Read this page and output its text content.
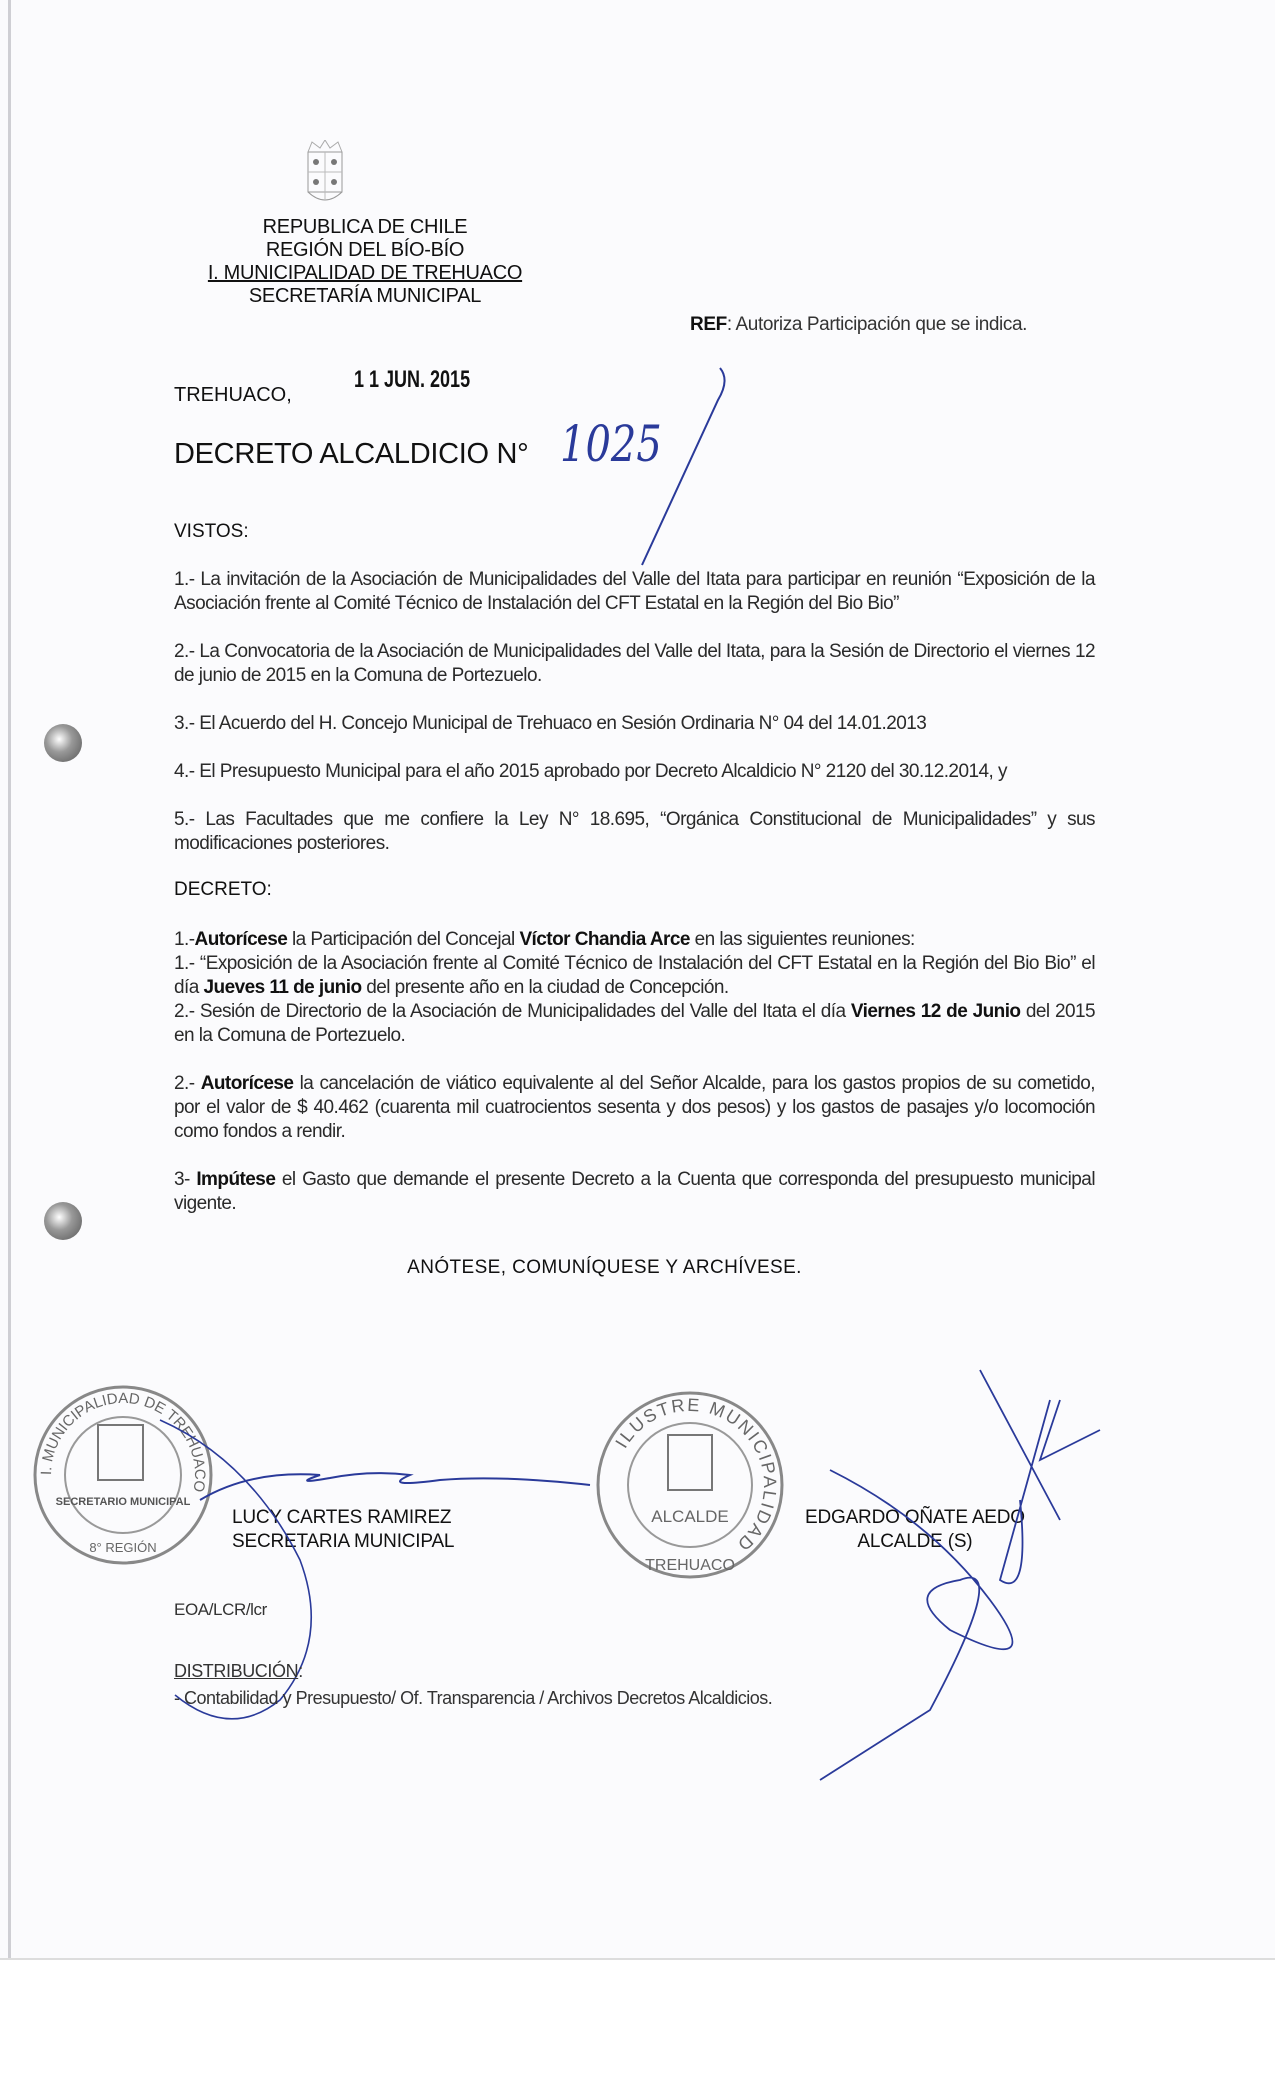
REPUBLICA DE CHILE
REGIÓN DEL BÍO-BÍO
I. MUNICIPALIDAD DE TREHUACO
SECRETARÍA MUNICIPAL
REF: Autoriza Participación que se indica.
TREHUACO,
1 1 JUN. 2015
DECRETO ALCALDICIO N° 1025
VISTOS:
1.- La invitación de la Asociación de Municipalidades del Valle del Itata para participar en reunión “Exposición de la Asociación frente al Comité Técnico de Instalación del CFT Estatal en la Región del Bio Bio”
2.- La Convocatoria de la Asociación de Municipalidades del Valle del Itata, para la Sesión de Directorio el viernes 12 de junio de 2015 en la Comuna de Portezuelo.
3.- El Acuerdo del H. Concejo Municipal de Trehuaco en Sesión Ordinaria N° 04 del 14.01.2013
4.- El Presupuesto Municipal para el año 2015 aprobado por Decreto Alcaldicio N° 2120 del 30.12.2014, y
5.- Las Facultades que me confiere la Ley N° 18.695, “Orgánica Constitucional de Municipalidades” y sus modificaciones posteriores.
DECRETO:
1.-Autorícese la Participación del Concejal Víctor Chandia Arce en las siguientes reuniones:
1.- “Exposición de la Asociación frente al Comité Técnico de Instalación del CFT Estatal en la Región del Bio Bio” el día Jueves 11 de junio del presente año en la ciudad de Concepción.
2.- Sesión de Directorio de la Asociación de Municipalidades del Valle del Itata el día Viernes 12 de Junio del 2015 en la Comuna de Portezuelo.
2.- Autorícese la cancelación de viático equivalente al del Señor Alcalde, para los gastos propios de su cometido, por el valor de $ 40.462 (cuarenta mil cuatrocientos sesenta y dos pesos) y los gastos de pasajes y/o locomoción como fondos a rendir.
3- Impútese el Gasto que demande el presente Decreto a la Cuenta que corresponda del presupuesto municipal vigente.
ANÓTESE, COMUNÍQUESE Y ARCHÍVESE.
I. MUNICIPALIDAD DE TREHUACO
SECRETARIO MUNICIPAL
8° REGIÓN
ILUSTRE MUNICIPALIDAD
ALCALDE
TREHUACO
LUCY CARTES RAMIREZ
SECRETARIA MUNICIPAL
EDGARDO OÑATE AEDO
ALCALDE (S)
EOA/LCR/lcr
DISTRIBUCIÓN:
- Contabilidad y Presupuesto/ Of. Transparencia / Archivos Decretos Alcaldicios.
